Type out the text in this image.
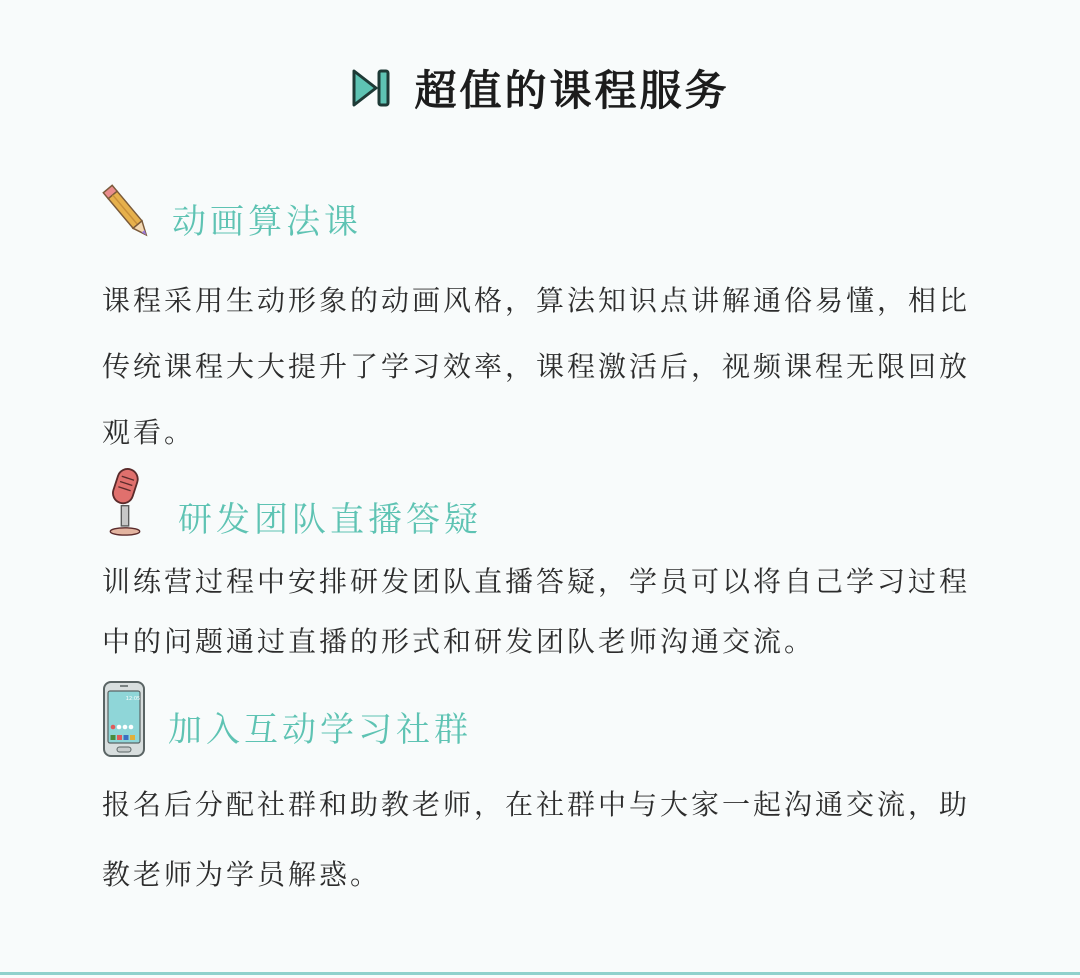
超值的课程服务
动画算法课
课程采用生动形象的动画风格，算法知识点讲解通俗易懂，相比
传统课程大大提升了学习效率，课程激活后，视频课程无限回放
观看。
研发团队直播答疑
训练营过程中安排研发团队直播答疑，学员可以将自己学习过程
中的问题通过直播的形式和研发团队老师沟通交流。
12:05
加入互动学习社群
报名后分配社群和助教老师，在社群中与大家一起沟通交流，助
教老师为学员解惑。
